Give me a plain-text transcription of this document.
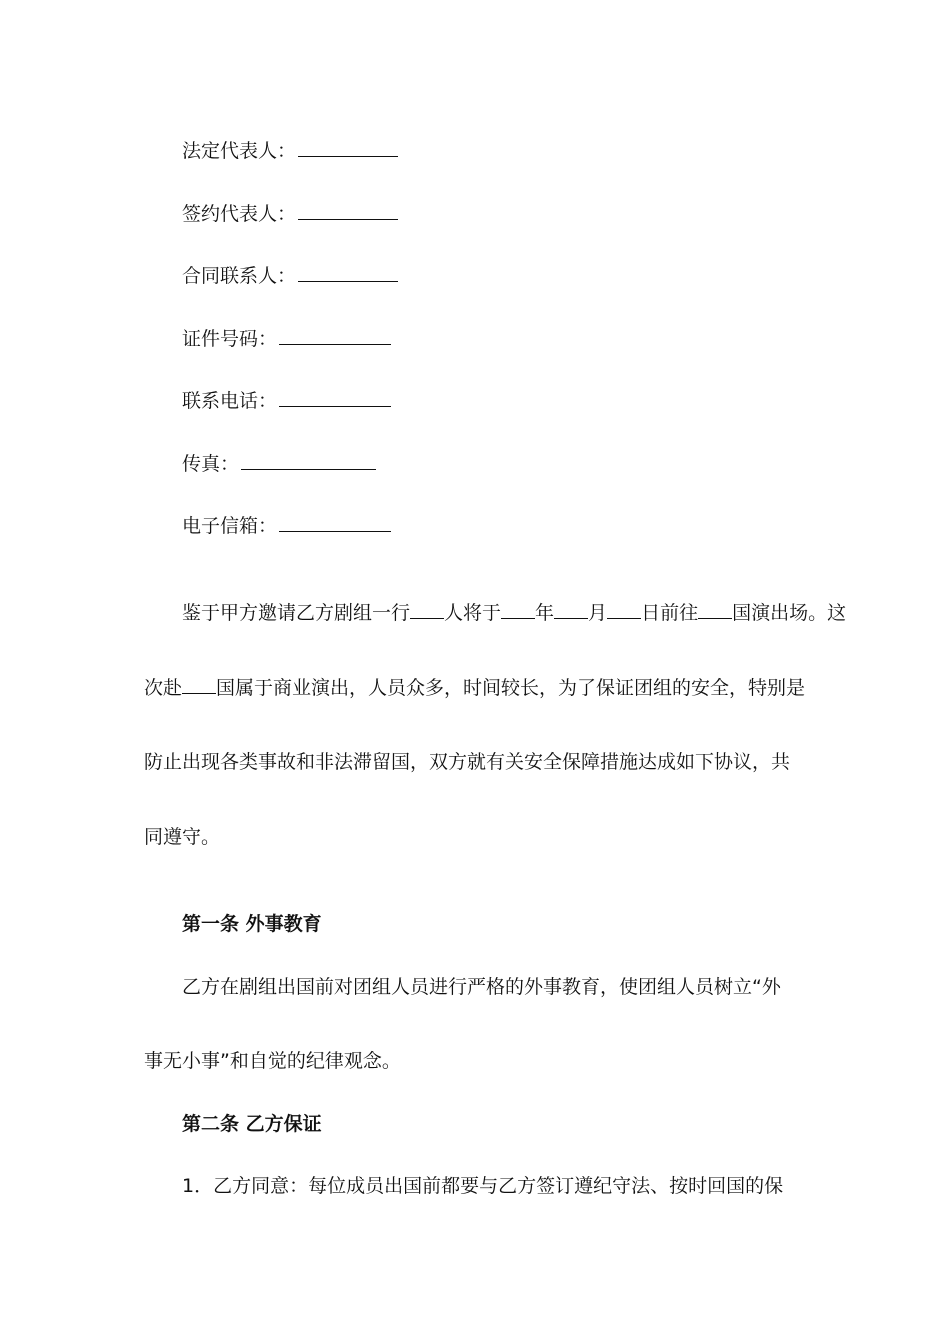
法定代表人：
签约代表人：
合同联系人：
证件号码：
联系电话：
传真：
电子信箱：
鉴于甲方邀请乙方剧组一行 人将于 年 月 日前往 国演出场。这
次赴 国属于商业演出，人员众多，时间较长，为了保证团组的安全，特别是
防止出现各类事故和非法滞留国，双方就有关安全保障措施达成如下协议，共
同遵守。
第一条 外事教育
乙方在剧组出国前对团组人员进行严格的外事教育，使团组人员树立“外
事无小事”和自觉的纪律观念。
第二条 乙方保证
1．乙方同意：每位成员出国前都要与乙方签订遵纪守法、按时回国的保
